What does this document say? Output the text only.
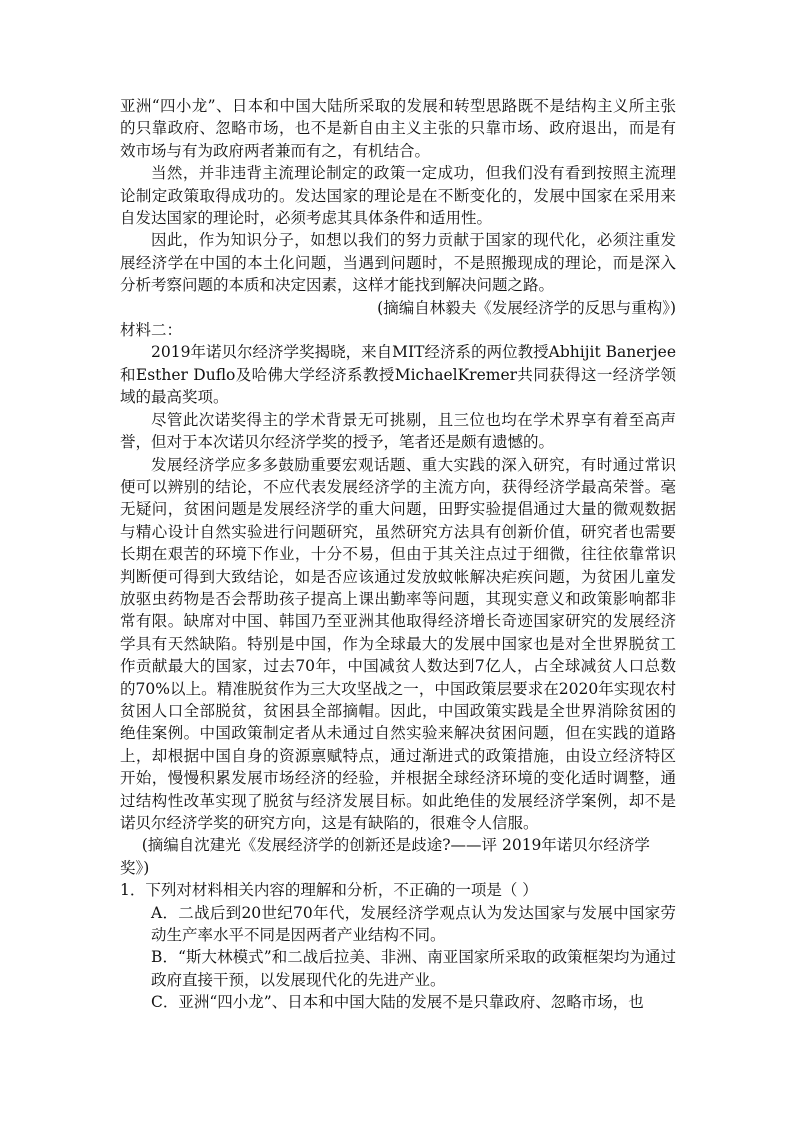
亚洲“四小龙”、日本和中国大陆所采取的发展和转型思路既不是结构主义所主张的只靠政府、忽略市场，也不是新自由主义主张的只靠市场、政府退出，而是有效市场与有为政府两者兼而有之，有机结合。

当然，并非违背主流理论制定的政策一定成功，但我们没有看到按照主流理论制定政策取得成功的。发达国家的理论是在不断变化的，发展中国家在采用来自发达国家的理论时，必须考虑其具体条件和适用性。

因此，作为知识分子，如想以我们的努力贡献于国家的现代化，必须注重发展经济学在中国的本土化问题，当遇到问题时，不是照搬现成的理论，而是深入分析考察问题的本质和决定因素，这样才能找到解决问题之路。

(摘编自林毅夫《发展经济学的反思与重构》)

材料二：

2019年诺贝尔经济学奖揭晓，来自MIT经济系的两位教授Abhijit Banerjee和Esther Duflo及哈佛大学经济系教授MichaelKremer共同获得这一经济学领域的最高奖项。

尽管此次诺奖得主的学术背景无可挑剔，且三位也均在学术界享有着至高声誉，但对于本次诺贝尔经济学奖的授予，笔者还是颇有遗憾的。

发展经济学应多多鼓励重要宏观话题、重大实践的深入研究，有时通过常识便可以辨别的结论，不应代表发展经济学的主流方向，获得经济学最高荣誉。毫无疑问，贫困问题是发展经济学的重大问题，田野实验提倡通过大量的微观数据与精心设计自然实验进行问题研究，虽然研究方法具有创新价值，研究者也需要长期在艰苦的环境下作业，十分不易，但由于其关注点过于细微，往往依靠常识判断便可得到大致结论，如是否应该通过发放蚊帐解决疟疾问题，为贫困儿童发放驱虫药物是否会帮助孩子提高上课出勤率等问题，其现实意义和政策影响都非常有限。缺席对中国、韩国乃至亚洲其他取得经济增长奇迹国家研究的发展经济学具有天然缺陷。特别是中国，作为全球最大的发展中国家也是对全世界脱贫工作贡献最大的国家，过去70年，中国减贫人数达到7亿人，占全球减贫人口总数的70%以上。精准脱贫作为三大攻坚战之一，中国政策层要求在2020年实现农村贫困人口全部脱贫，贫困县全部摘帽。因此，中国政策实践是全世界消除贫困的绝佳案例。中国政策制定者从未通过自然实验来解决贫困问题，但在实践的道路上，却根据中国自身的资源禀赋特点，通过渐进式的政策措施，由设立经济特区开始，慢慢积累发展市场经济的经验，并根据全球经济环境的变化适时调整，通过结构性改革实现了脱贫与经济发展目标。如此绝佳的发展经济学案例，却不是诺贝尔经济学奖的研究方向，这是有缺陷的，很难令人信服。

(摘编自沈建光《发展经济学的创新还是歧途?——评 2019年诺贝尔经济学奖》)

1．下列对材料相关内容的理解和分析，不正确的一项是（ ）

A．二战后到20世纪70年代，发展经济学观点认为发达国家与发展中国家劳动生产率水平不同是因两者产业结构不同。

B．“斯大林模式”和二战后拉美、非洲、南亚国家所采取的政策框架均为通过政府直接干预，以发展现代化的先进产业。

C．亚洲“四小龙”、日本和中国大陆的发展不是只靠政府、忽略市场，也
